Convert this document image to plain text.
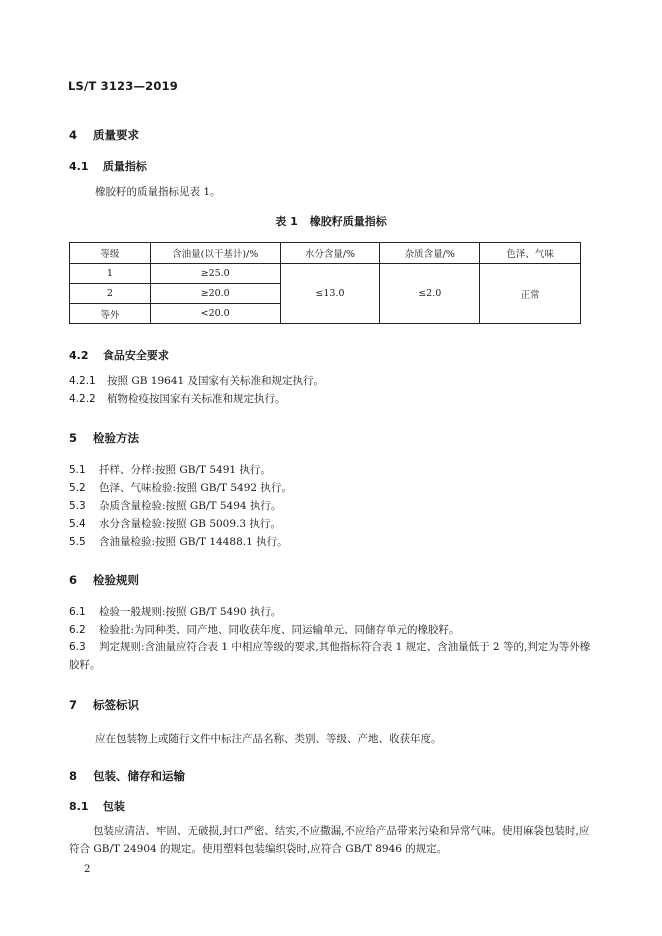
LS/T 3123—2019
4 质量要求
4.1 质量指标
橡胶籽的质量指标见表 1。
表 1 橡胶籽质量指标
等级	含油量(以干基计)/%	水分含量/%	杂质含量/%	色泽、气味
1	≥25.0	≤13.0	≤2.0	正常
2	≥20.0			
等外	<20.0			
4.2 食品安全要求
4.2.1 按照 GB 19641 及国家有关标准和规定执行。
4.2.2 植物检疫按国家有关标准和规定执行。
5 检验方法
5.1 扦样、分样:按照 GB/T 5491 执行。
5.2 色泽、气味检验:按照 GB/T 5492 执行。
5.3 杂质含量检验:按照 GB/T 5494 执行。
5.4 水分含量检验:按照 GB 5009.3 执行。
5.5 含油量检验:按照 GB/T 14488.1 执行。
6 检验规则
6.1 检验一般规则:按照 GB/T 5490 执行。
6.2 检验批:为同种类、同产地、同收获年度、同运输单元、同储存单元的橡胶籽。
6.3 判定规则:含油量应符合表 1 中相应等级的要求,其他指标符合表 1 规定、含油量低于 2 等的,判定为等外橡胶籽。
7 标签标识
应在包装物上或随行文件中标注产品名称、类别、等级、产地、收获年度。
8 包装、储存和运输
8.1 包装
包装应清洁、牢固、无破损,封口严密、结实,不应撒漏,不应给产品带来污染和异常气味。使用麻袋包装时,应符合 GB/T 24904 的规定。使用塑料包装编织袋时,应符合 GB/T 8946 的规定。
2
